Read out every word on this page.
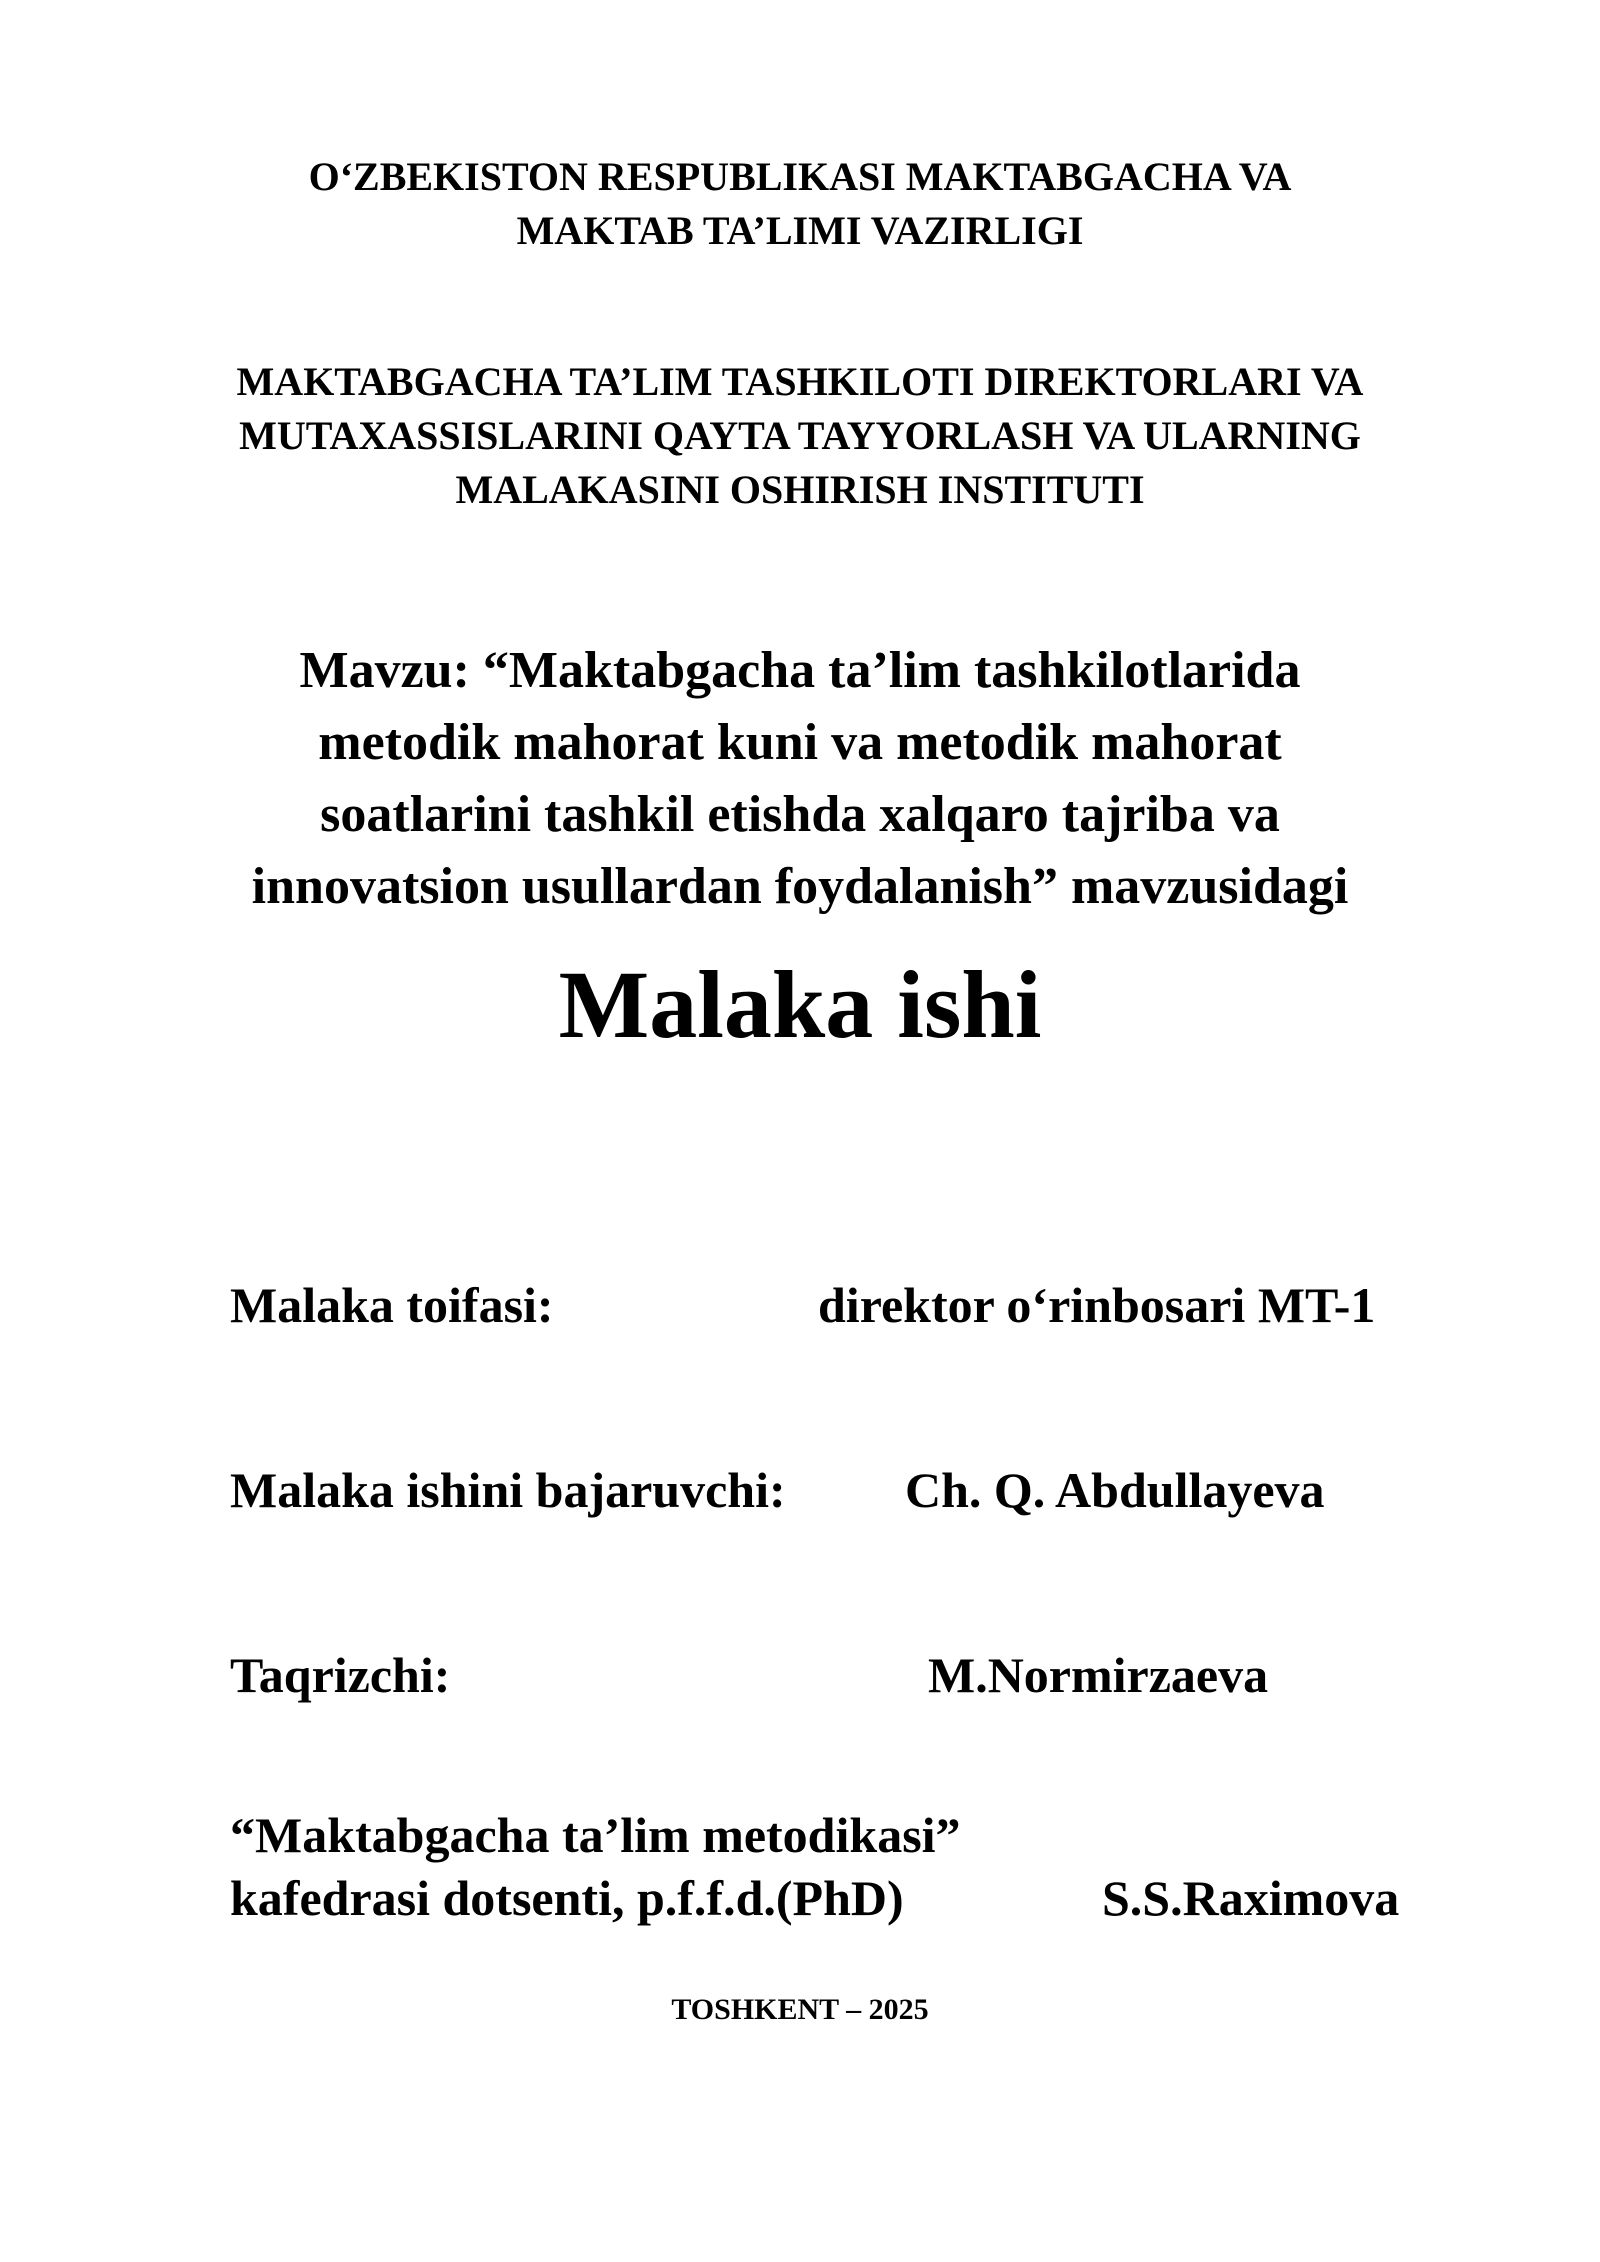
O‘ZBEKISTON RESPUBLIKASI MAKTABGACHA VA
MAKTAB TA’LIMI VAZIRLIGI
MAKTABGACHA TA’LIM TASHKILOTI DIREKTORLARI VA
MUTAXASSISLARINI QAYTA TAYYORLASH VA ULARNING
MALAKASINI OSHIRISH INSTITUTI
Mavzu: “Maktabgacha ta’lim tashkilotlarida
metodik mahorat kuni va metodik mahorat
soatlarini tashkil etishda xalqaro tajriba va
innovatsion usullardan foydalanish” mavzusidagi
Malaka ishi
Malaka toifasi:	direktor o‘rinbosari MT-1
Malaka ishini bajaruvchi: Ch. Q. Abdullayeva
Taqrizchi:	M.Normirzaeva
“Maktabgacha ta’lim metodikasi”
kafedrasi dotsenti, p.f.f.d.(PhD)	S.S.Raximova
TOSHKENT – 2025
